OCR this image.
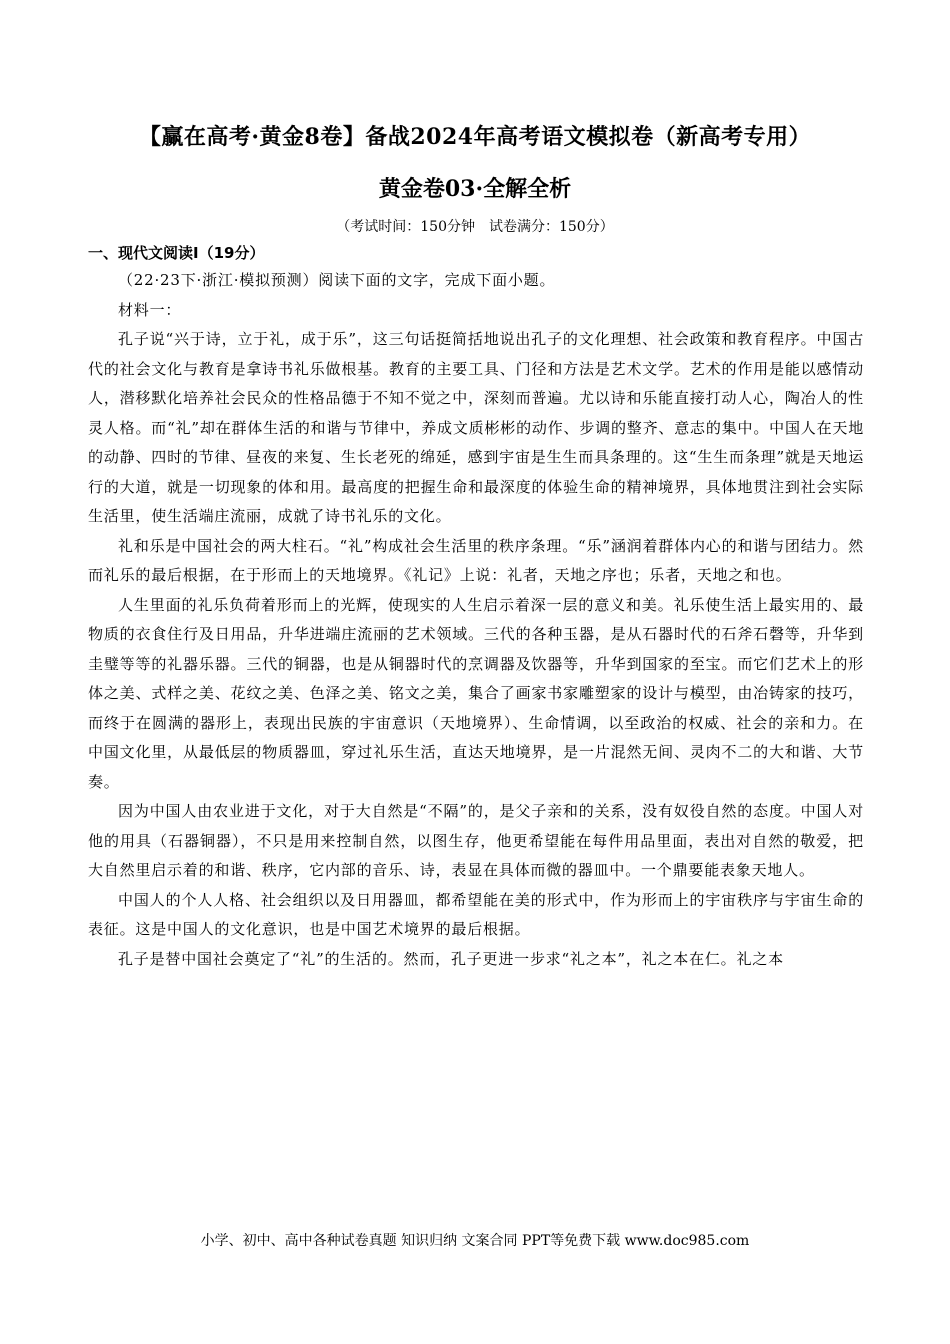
【赢在高考·黄金8卷】备战2024年高考语文模拟卷（新高考专用）
黄金卷03·全解全析
（考试时间：150分钟　试卷满分：150分）
一、现代文阅读Ⅰ（19分）

（22·23下·浙江·模拟预测）阅读下面的文字，完成下面小题。

材料一：

孔子说“兴于诗，立于礼，成于乐”，这三句话挺简括地说出孔子的文化理想、社会政策和教育程序。中国古代的社会文化与教育是拿诗书礼乐做根基。教育的主要工具、门径和方法是艺术文学。艺术的作用是能以感情动人，潜移默化培养社会民众的性格品德于不知不觉之中，深刻而普遍。尤以诗和乐能直接打动人心，陶冶人的性灵人格。而“礼”却在群体生活的和谐与节律中，养成文质彬彬的动作、步调的整齐、意志的集中。中国人在天地的动静、四时的节律、昼夜的来复、生长老死的绵延，感到宇宙是生生而具条理的。这“生生而条理”就是天地运行的大道，就是一切现象的体和用。最高度的把握生命和最深度的体验生命的精神境界，具体地贯注到社会实际生活里，使生活端庄流丽，成就了诗书礼乐的文化。

礼和乐是中国社会的两大柱石。“礼”构成社会生活里的秩序条理。“乐”涵润着群体内心的和谐与团结力。然而礼乐的最后根据，在于形而上的天地境界。《礼记》上说：礼者，天地之序也；乐者，天地之和也。

人生里面的礼乐负荷着形而上的光辉，使现实的人生启示着深一层的意义和美。礼乐使生活上最实用的、最物质的衣食住行及日用品，升华进端庄流丽的艺术领域。三代的各种玉器，是从石器时代的石斧石磬等，升华到圭璧等等的礼器乐器。三代的铜器，也是从铜器时代的烹调器及饮器等，升华到国家的至宝。而它们艺术上的形体之美、式样之美、花纹之美、色泽之美、铭文之美，集合了画家书家雕塑家的设计与模型，由冶铸家的技巧，而终于在圆满的器形上，表现出民族的宇宙意识（天地境界）、生命情调，以至政治的权威、社会的亲和力。在中国文化里，从最低层的物质器皿，穿过礼乐生活，直达天地境界，是一片混然无间、灵肉不二的大和谐、大节奏。

因为中国人由农业进于文化，对于大自然是“不隔”的，是父子亲和的关系，没有奴役自然的态度。中国人对他的用具（石器铜器），不只是用来控制自然，以图生存，他更希望能在每件用品里面，表出对自然的敬爱，把大自然里启示着的和谐、秩序，它内部的音乐、诗，表显在具体而微的器皿中。一个鼎要能表象天地人。

中国人的个人人格、社会组织以及日用器皿，都希望能在美的形式中，作为形而上的宇宙秩序与宇宙生命的表征。这是中国人的文化意识，也是中国艺术境界的最后根据。

孔子是替中国社会奠定了“礼”的生活的。然而，孔子更进一步求“礼之本”，礼之本在仁。礼之本

小学、初中、高中各种试卷真题 知识归纳 文案合同 PPT等免费下载 www.doc985.com
